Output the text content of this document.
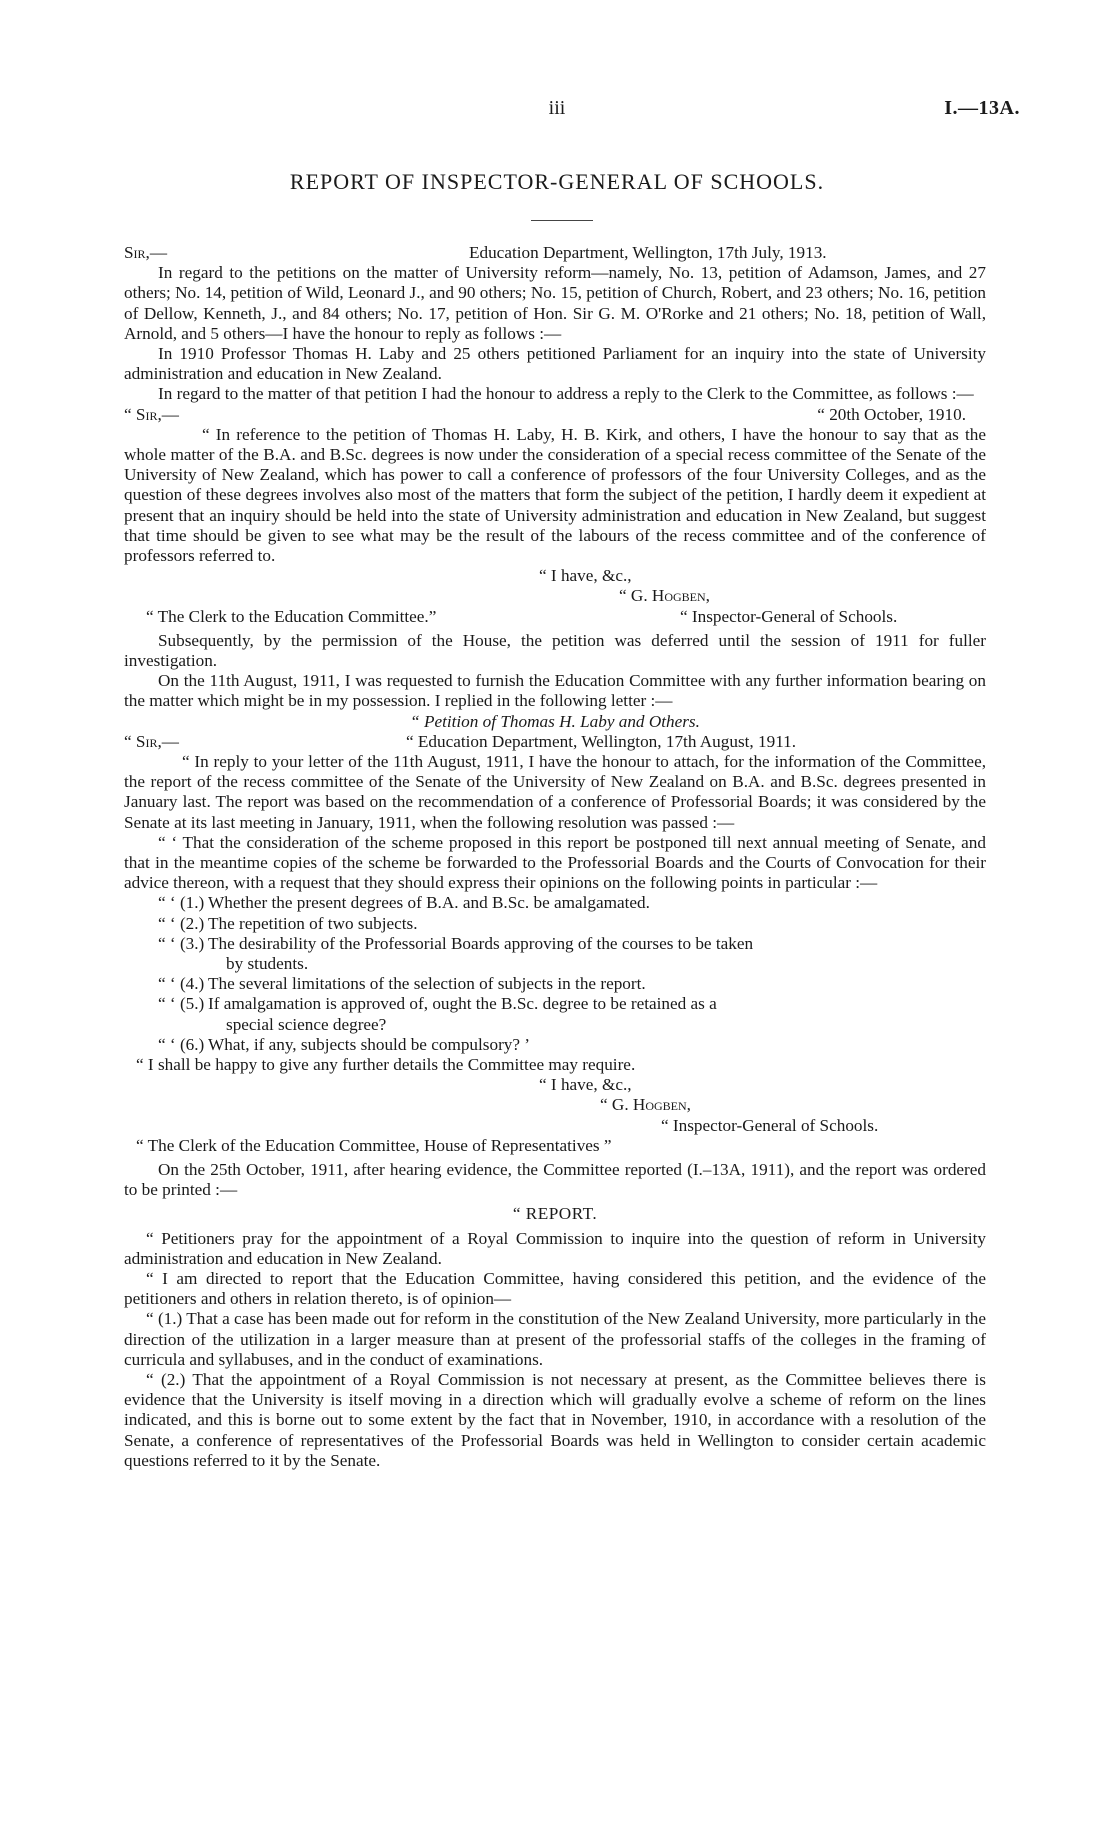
iii	I.—13A.
REPORT OF INSPECTOR-GENERAL OF SCHOOLS.
Sir,—	Education Department, Wellington, 17th July, 1913.

In regard to the petitions on the matter of University reform—namely, No. 13, petition of Adamson, James, and 27 others; No. 14, petition of Wild, Leonard J., and 90 others; No. 15, petition of Church, Robert, and 23 others; No. 16, petition of Dellow, Kenneth, J., and 84 others; No. 17, petition of Hon. Sir G. M. O'Rorke and 21 others; No. 18, petition of Wall, Arnold, and 5 others—I have the honour to reply as follows :—

In 1910 Professor Thomas H. Laby and 25 others petitioned Parliament for an inquiry into the state of University administration and education in New Zealand.

In regard to the matter of that petition I had the honour to address a reply to the Clerk to the Committee, as follows :—

“ Sir,—	“ 20th October, 1910.

“ In reference to the petition of Thomas H. Laby, H. B. Kirk, and others, I have the honour to say that as the whole matter of the B.A. and B.Sc. degrees is now under the consideration of a special recess committee of the Senate of the University of New Zealand, which has power to call a conference of professors of the four University Colleges, and as the question of these degrees involves also most of the matters that form the subject of the petition, I hardly deem it expedient at present that an inquiry should be held into the state of University administration and education in New Zealand, but suggest that time should be given to see what may be the result of the labours of the recess committee and of the conference of professors referred to.

“ I have, &c.,
“ G. Hogben,
“ The Clerk to the Education Committee.”	“ Inspector-General of Schools.

Subsequently, by the permission of the House, the petition was deferred until the session of 1911 for fuller investigation.

On the 11th August, 1911, I was requested to furnish the Education Committee with any further information bearing on the matter which might be in my possession. I replied in the following letter :—

“ Petition of Thomas H. Laby and Others.

“ Sir,—	“ Education Department, Wellington, 17th August, 1911.

“ In reply to your letter of the 11th August, 1911, I have the honour to attach, for the information of the Committee, the report of the recess committee of the Senate of the University of New Zealand on B.A. and B.Sc. degrees presented in January last. The report was based on the recommendation of a conference of Professorial Boards; it was considered by the Senate at its last meeting in January, 1911, when the following resolution was passed :—

“ ‘ That the consideration of the scheme proposed in this report be postponed till next annual meeting of Senate, and that in the meantime copies of the scheme be forwarded to the Professorial Boards and the Courts of Convocation for their advice thereon, with a request that they should express their opinions on the following points in particular :—

“ ‘ (1.) Whether the present degrees of B.A. and B.Sc. be amalgamated.
“ ‘ (2.) The repetition of two subjects.
“ ‘ (3.) The desirability of the Professorial Boards approving of the courses to be taken
by students.
“ ‘ (4.) The several limitations of the selection of subjects in the report.
“ ‘ (5.) If amalgamation is approved of, ought the B.Sc. degree to be retained as a
special science degree?
“ ‘ (6.) What, if any, subjects should be compulsory? ’

“ I shall be happy to give any further details the Committee may require.

“ I have, &c.,
“ G. Hogben,
“ Inspector-General of Schools.
“ The Clerk of the Education Committee, House of Representatives ”

On the 25th October, 1911, after hearing evidence, the Committee reported (I.–13A, 1911), and the report was ordered to be printed :—

“ REPORT.

“ Petitioners pray for the appointment of a Royal Commission to inquire into the question of reform in University administration and education in New Zealand.

“ I am directed to report that the Education Committee, having considered this petition, and the evidence of the petitioners and others in relation thereto, is of opinion—

“ (1.) That a case has been made out for reform in the constitution of the New Zealand University, more particularly in the direction of the utilization in a larger measure than at present of the professorial staffs of the colleges in the framing of curricula and syllabuses, and in the conduct of examinations.

“ (2.) That the appointment of a Royal Commission is not necessary at present, as the Committee believes there is evidence that the University is itself moving in a direction which will gradually evolve a scheme of reform on the lines indicated, and this is borne out to some extent by the fact that in November, 1910, in accordance with a resolution of the Senate, a conference of representatives of the Professorial Boards was held in Wellington to consider certain academic questions referred to it by the Senate.
